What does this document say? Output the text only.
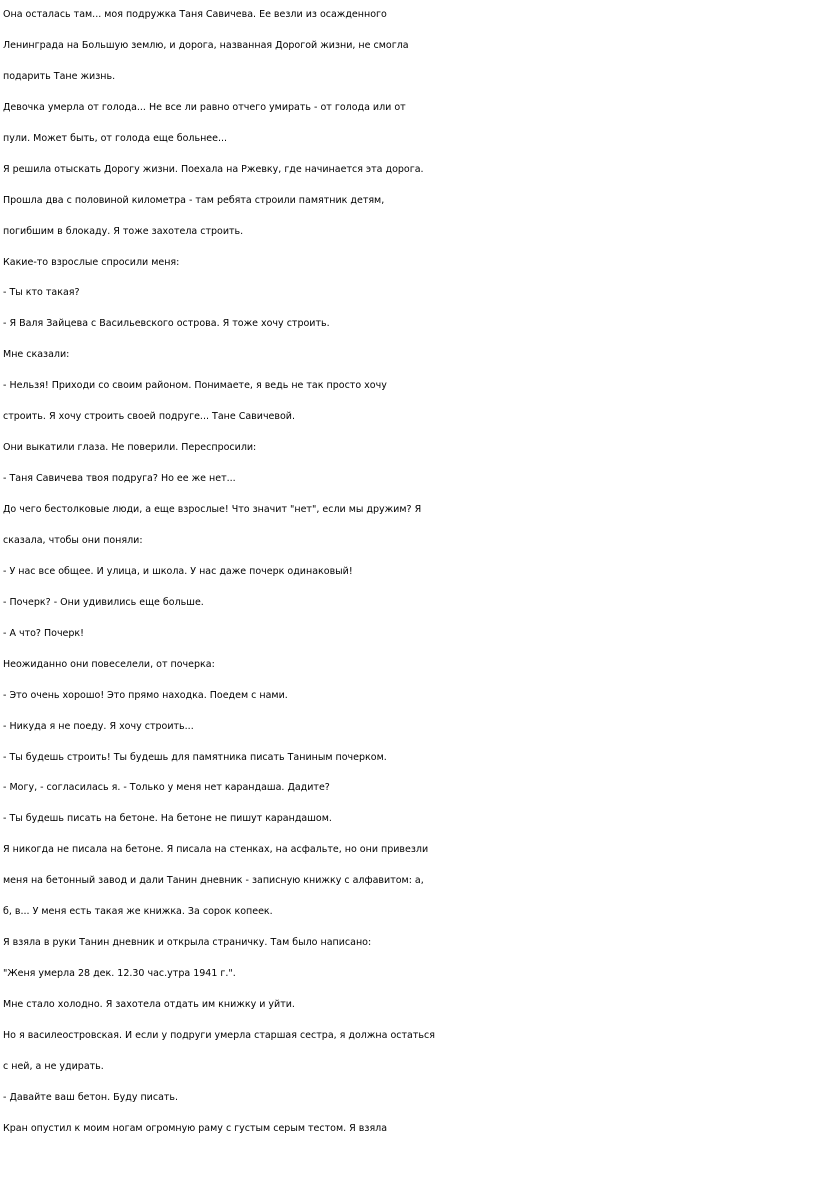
Она осталась там... моя подружка Таня Савичева. Ее везли из осажденного
Ленинграда на Большую землю, и дорога, названная Дорогой жизни, не смогла
подарить Тане жизнь.
Девочка умерла от голода... Не все ли равно отчего умирать - от голода или от
пули. Может быть, от голода еще больнее...
Я решила отыскать Дорогу жизни. Поехала на Ржевку, где начинается эта дорога.
Прошла два с половиной километра - там ребята строили памятник детям,
погибшим в блокаду. Я тоже захотела строить.
Какие-то взрослые спросили меня:
- Ты кто такая?
- Я Валя Зайцева с Васильевского острова. Я тоже хочу строить.
Мне сказали:
- Нельзя! Приходи со своим районом. Понимаете, я ведь не так просто хочу
строить. Я хочу строить своей подруге... Тане Савичевой.
Они выкатили глаза. Не поверили. Переспросили:
- Таня Савичева твоя подруга? Но ее же нет...
До чего бестолковые люди, а еще взрослые! Что значит "нет", если мы дружим? Я
сказала, чтобы они поняли:
- У нас все общее. И улица, и школа. У нас даже почерк одинаковый!
- Почерк? - Они удивились еще больше.
- А что? Почерк!
Неожиданно они повеселели, от почерка:
- Это очень хорошо! Это прямо находка. Поедем с нами.
- Никуда я не поеду. Я хочу строить...
- Ты будешь строить! Ты будешь для памятника писать Таниным почерком.
- Могу, - согласилась я. - Только у меня нет карандаша. Дадите?
- Ты будешь писать на бетоне. На бетоне не пишут карандашом.
Я никогда не писала на бетоне. Я писала на стенках, на асфальте, но они привезли
меня на бетонный завод и дали Танин дневник - записную книжку с алфавитом: а,
б, в... У меня есть такая же книжка. За сорок копеек.
Я взяла в руки Танин дневник и открыла страничку. Там было написано:
"Женя умерла 28 дек. 12.30 час.утра 1941 г.".
Мне стало холодно. Я захотела отдать им книжку и уйти.
Но я василеостровская. И если у подруги умерла старшая сестра, я должна остаться
с ней, а не удирать.
- Давайте ваш бетон. Буду писать.
Кран опустил к моим ногам огромную раму с густым серым тестом. Я взяла
